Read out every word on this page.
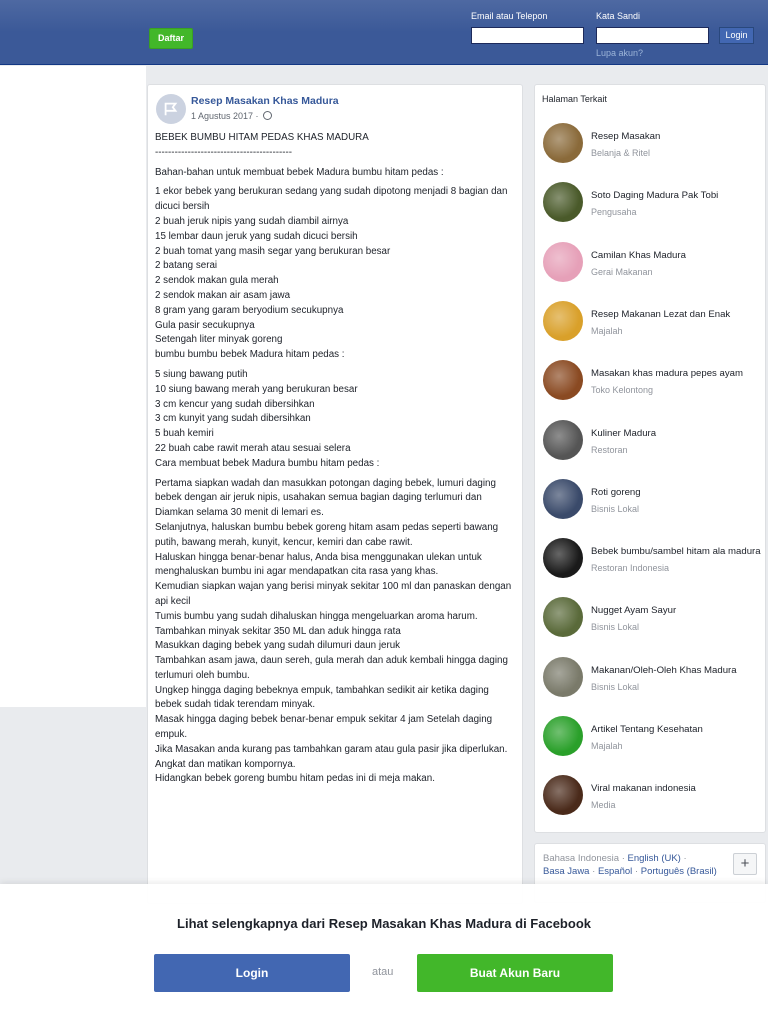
Daftar
Email atau Telepon	Kata Sandi
Login
Lupa akun?
Resep Masakan Khas Madura
1 Agustus 2017 ·

BEBEK BUMBU HITAM PEDAS KHAS MADURA

------------------------------------------

Bahan-bahan untuk membuat bebek Madura bumbu hitam pedas :

1 ekor bebek yang berukuran sedang yang sudah dipotong menjadi 8 bagian dan dicuci bersih

2 buah jeruk nipis yang sudah diambil airnya

15 lembar daun jeruk yang sudah dicuci bersih

2 buah tomat yang masih segar yang berukuran besar

2 batang serai

2 sendok makan gula merah

2 sendok makan air asam jawa

8 gram yang garam beryodium secukupnya

Gula pasir secukupnya

Setengah liter minyak goreng

bumbu bumbu bebek Madura hitam pedas :

5 siung bawang putih

10 siung bawang merah yang berukuran besar

3 cm kencur yang sudah dibersihkan

3 cm kunyit yang sudah dibersihkan

5 buah kemiri

22 buah cabe rawit merah atau sesuai selera

Cara membuat bebek Madura bumbu hitam pedas :

Pertama siapkan wadah dan masukkan potongan daging bebek, lumuri daging bebek dengan air jeruk nipis, usahakan semua bagian daging terlumuri dan Diamkan selama 30 menit di lemari es.

Selanjutnya, haluskan bumbu bebek goreng hitam asam pedas seperti bawang putih, bawang merah, kunyit, kencur, kemiri dan cabe rawit.

Haluskan hingga benar-benar halus, Anda bisa menggunakan ulekan untuk menghaluskan bumbu ini agar mendapatkan cita rasa yang khas.

Kemudian siapkan wajan yang berisi minyak sekitar 100 ml dan panaskan dengan api kecil

Tumis bumbu yang sudah dihaluskan hingga mengeluarkan aroma harum.

Tambahkan minyak sekitar 350 ML dan aduk hingga rata

Masukkan daging bebek yang sudah dilumuri daun jeruk

Tambahkan asam jawa, daun sereh, gula merah dan aduk kembali hingga daging terlumuri oleh bumbu.

Ungkep hingga daging bebeknya empuk, tambahkan sedikit air ketika daging bebek sudah tidak terendam minyak.

Masak hingga daging bebek benar-benar empuk sekitar 4 jam Setelah daging empuk.

Jika Masakan anda kurang pas tambahkan garam atau gula pasir jika diperlukan.

Angkat dan matikan kompornya.

Hidangkan bebek goreng bumbu hitam pedas ini di meja makan.

Halaman Terkait
Resep Masakan
Belanja & Ritel
Soto Daging Madura Pak Tobi
Pengusaha
Camilan Khas Madura
Gerai Makanan
Resep Makanan Lezat dan Enak
Majalah
Masakan khas madura pepes ayam
Toko Kelontong
Kuliner Madura
Restoran
Roti goreng
Bisnis Lokal
Bebek bumbu/sambel hitam ala madura
Restoran Indonesia
Nugget Ayam Sayur
Bisnis Lokal
Makanan/Oleh-Oleh Khas Madura
Bisnis Lokal
Artikel Tentang Kesehatan
Majalah
Viral makanan indonesia
Media
Bahasa Indonesia · English (UK) ·
Basa Jawa · Español · Português (Brasil)	+
Lihat selengkapnya dari Resep Masakan Khas Madura di Facebook
Login	atau	Buat Akun Baru
